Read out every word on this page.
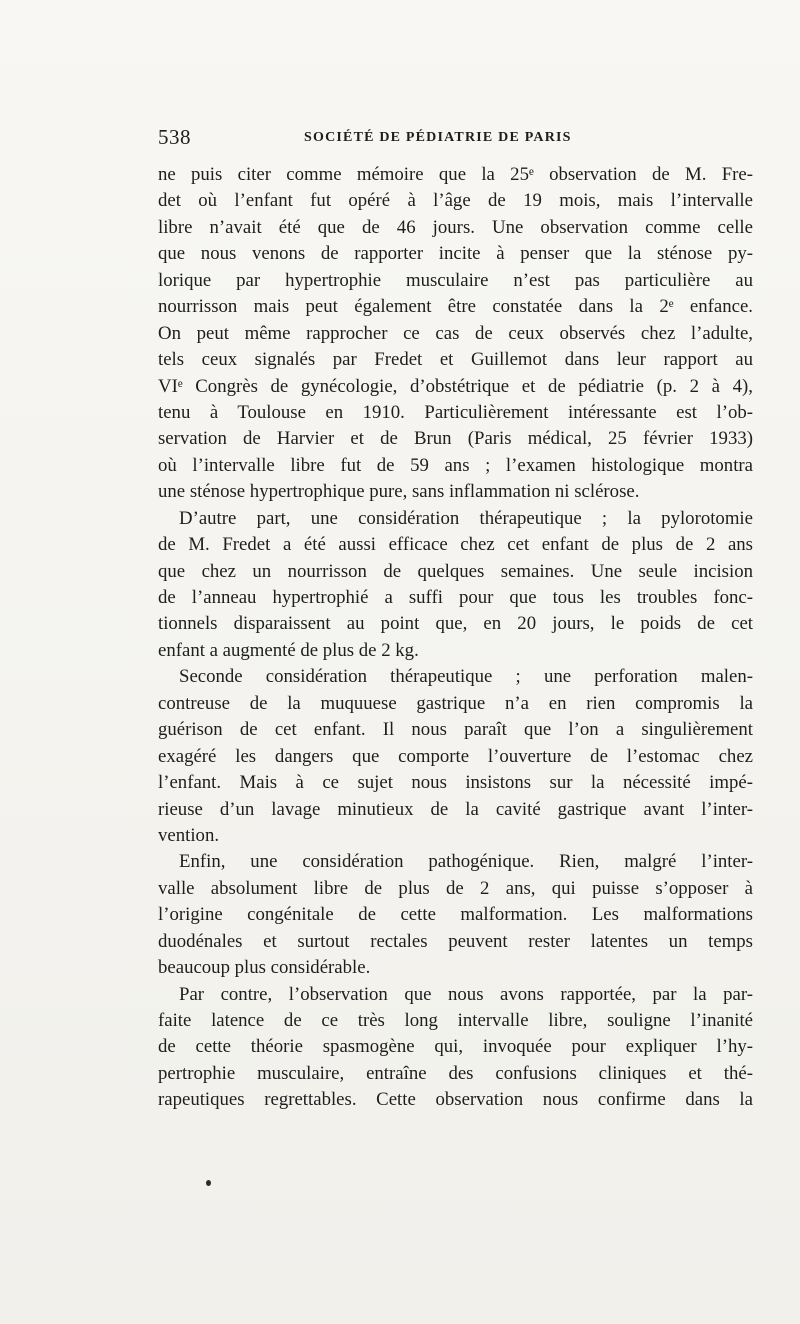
538	SOCIÉTÉ DE PÉDIATRIE DE PARIS
ne puis citer comme mémoire que la 25ᵉ observation de M. Fre-
det où l’enfant fut opéré à l’âge de 19 mois, mais l’intervalle
libre n’avait été que de 46 jours. Une observation comme celle
que nous venons de rapporter incite à penser que la sténose py-
lorique par hypertrophie musculaire n’est pas particulière au
nourrisson mais peut également être constatée dans la 2ᵉ enfance.
On peut même rapprocher ce cas de ceux observés chez l’adulte,
tels ceux signalés par Fredet et Guillemot dans leur rapport au
VIᵉ Congrès de gynécologie, d’obstétrique et de pédiatrie (p. 2 à 4),
tenu à Toulouse en 1910. Particulièrement intéressante est l’ob-
servation de Harvier et de Brun (Paris médical, 25 février 1933)
où l’intervalle libre fut de 59 ans ; l’examen histologique montra
une sténose hypertrophique pure, sans inflammation ni sclérose.
D’autre part, une considération thérapeutique ; la pylorotomie
de M. Fredet a été aussi efficace chez cet enfant de plus de 2 ans
que chez un nourrisson de quelques semaines. Une seule incision
de l’anneau hypertrophié a suffi pour que tous les troubles fonc-
tionnels disparaissent au point que, en 20 jours, le poids de cet
enfant a augmenté de plus de 2 kg.
Seconde considération thérapeutique ; une perforation malen-
contreuse de la muquuese gastrique n’a en rien compromis la
guérison de cet enfant. Il nous paraît que l’on a singulièrement
exagéré les dangers que comporte l’ouverture de l’estomac chez
l’enfant. Mais à ce sujet nous insistons sur la nécessité impé-
rieuse d’un lavage minutieux de la cavité gastrique avant l’inter-
vention.
Enfin, une considération pathogénique. Rien, malgré l’inter-
valle absolument libre de plus de 2 ans, qui puisse s’opposer à
l’origine congénitale de cette malformation. Les malformations
duodénales et surtout rectales peuvent rester latentes un temps
beaucoup plus considérable.
Par contre, l’observation que nous avons rapportée, par la par-
faite latence de ce très long intervalle libre, souligne l’inanité
de cette théorie spasmogène qui, invoquée pour expliquer l’hy-
pertrophie musculaire, entraîne des confusions cliniques et thé-
rapeutiques regrettables. Cette observation nous confirme dans la
